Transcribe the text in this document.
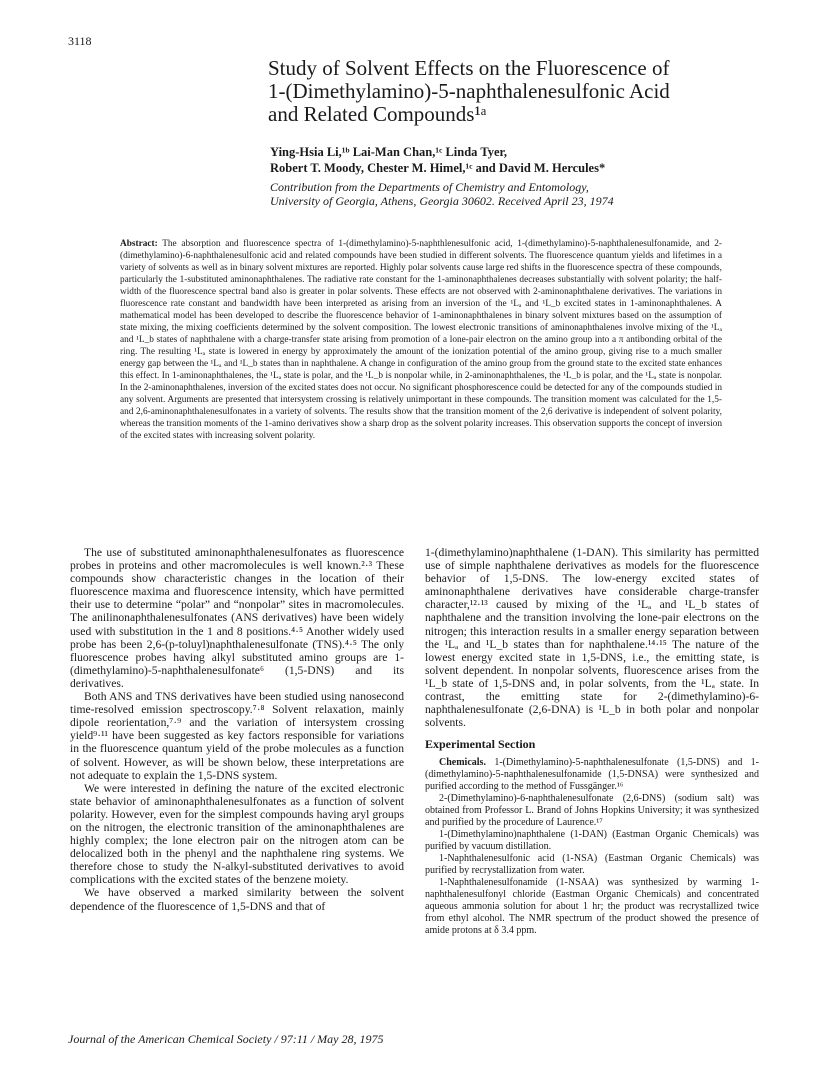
3118
Study of Solvent Effects on the Fluorescence of
1-(Dimethylamino)-5-naphthalenesulfonic Acid
and Related Compounds¹ᵃ
Ying-Hsia Li,¹ᵇ Lai-Man Chan,¹ᶜ Linda Tyer,
Robert T. Moody, Chester M. Himel,¹ᶜ and David M. Hercules*
Contribution from the Departments of Chemistry and Entomology,
University of Georgia, Athens, Georgia 30602. Received April 23, 1974
Abstract: The absorption and fluorescence spectra of 1-(dimethylamino)-5-naphthlenesulfonic acid, 1-(dimethylamino)-5-naphthalenesulfonamide, and 2-(dimethylamino)-6-naphthalenesulfonic acid and related compounds have been studied in different solvents. The fluorescence quantum yields and lifetimes in a variety of solvents as well as in binary solvent mixtures are reported. Highly polar solvents cause large red shifts in the fluorescence spectra of these compounds, particularly the 1-substituted aminonaphthalenes. The radiative rate constant for the 1-aminonaphthalenes decreases substantially with solvent polarity; the half-width of the fluorescence spectral band also is greater in polar solvents. These effects are not observed with 2-aminonaphthalene derivatives. The variations in fluorescence rate constant and bandwidth have been interpreted as arising from an inversion of the ¹Lₐ and ¹L_b excited states in 1-aminonaphthalenes. A mathematical model has been developed to describe the fluorescence behavior of 1-aminonaphthalenes in binary solvent mixtures based on the assumption of state mixing, the mixing coefficients determined by the solvent composition. The lowest electronic transitions of aminonaphthalenes involve mixing of the ¹Lₐ and ¹L_b states of naphthalene with a charge-transfer state arising from promotion of a lone-pair electron on the amino group into a π antibonding orbital of the ring. The resulting ¹Lₐ state is lowered in energy by approximately the amount of the ionization potential of the amino group, giving rise to a much smaller energy gap between the ¹Lₐ and ¹L_b states than in naphthalene. A change in configuration of the amino group from the ground state to the excited state enhances this effect. In 1-aminonaphthalenes, the ¹Lₐ state is polar, and the ¹L_b is nonpolar while, in 2-aminonaphthalenes, the ¹L_b is polar, and the ¹Lₐ state is nonpolar. In the 2-aminonaphthalenes, inversion of the excited states does not occur. No significant phosphorescence could be detected for any of the compounds studied in any solvent. Arguments are presented that intersystem crossing is relatively unimportant in these compounds. The transition moment was calculated for the 1,5- and 2,6-aminonaphthalenesulfonates in a variety of solvents. The results show that the transition moment of the 2,6 derivative is independent of solvent polarity, whereas the transition moments of the 1-amino derivatives show a sharp drop as the solvent polarity increases. This observation supports the concept of inversion of the excited states with increasing solvent polarity.

The use of substituted aminonaphthalenesulfonates as fluorescence probes in proteins and other macromolecules is well known.²·³ These compounds show characteristic changes in the location of their fluorescence maxima and fluorescence intensity, which have permitted their use to determine “polar” and “nonpolar” sites in macromolecules. The anilinonaphthalenesulfonates (ANS derivatives) have been widely used with substitution in the 1 and 8 positions.⁴·⁵ Another widely used probe has been 2,6-(p-toluyl)naphthalenesulfonate (TNS).⁴·⁵ The only fluorescence probes having alkyl substituted amino groups are 1-(dimethylamino)-5-naphthalenesulfonate⁶ (1,5-DNS) and its derivatives.

Both ANS and TNS derivatives have been studied using nanosecond time-resolved emission spectroscopy.⁷·⁸ Solvent relaxation, mainly dipole reorientation,⁷·⁹ and the variation of intersystem crossing yield⁹·¹¹ have been suggested as key factors responsible for variations in the fluorescence quantum yield of the probe molecules as a function of solvent. However, as will be shown below, these interpretations are not adequate to explain the 1,5-DNS system.

We were interested in defining the nature of the excited electronic state behavior of aminonaphthalenesulfonates as a function of solvent polarity. However, even for the simplest compounds having aryl groups on the nitrogen, the electronic transition of the aminonaphthalenes are highly complex; the lone electron pair on the nitrogen atom can be delocalized both in the phenyl and the naphthalene ring systems. We therefore chose to study the N-alkyl-substituted derivatives to avoid complications with the excited states of the benzene moiety.

We have observed a marked similarity between the solvent dependence of the fluorescence of 1,5-DNS and that of

1-(dimethylamino)naphthalene (1-DAN). This similarity has permitted use of simple naphthalene derivatives as models for the fluorescence behavior of 1,5-DNS. The low-energy excited states of aminonaphthalene derivatives have considerable charge-transfer character,¹²·¹³ caused by mixing of the ¹Lₐ and ¹L_b states of naphthalene and the transition involving the lone-pair electrons on the nitrogen; this interaction results in a smaller energy separation between the ¹Lₐ and ¹L_b states than for naphthalene.¹⁴·¹⁵ The nature of the lowest energy excited state in 1,5-DNS, i.e., the emitting state, is solvent dependent. In nonpolar solvents, fluorescence arises from the ¹L_b state of 1,5-DNS and, in polar solvents, from the ¹Lₐ state. In contrast, the emitting state for 2-(dimethylamino)-6-naphthalenesulfonate (2,6-DNA) is ¹L_b in both polar and nonpolar solvents.

Experimental Section

Chemicals. 1-(Dimethylamino)-5-naphthalenesulfonate (1,5-DNS) and 1-(dimethylamino)-5-naphthalenesulfonamide (1,5-DNSA) were synthesized and purified according to the method of Fussgänger.¹⁶

2-(Dimethylamino)-6-naphthalenesulfonate (2,6-DNS) (sodium salt) was obtained from Professor L. Brand of Johns Hopkins University; it was synthesized and purified by the procedure of Laurence.¹⁷

1-(Dimethylamino)naphthalene (1-DAN) (Eastman Organic Chemicals) was purified by vacuum distillation.

1-Naphthalenesulfonic acid (1-NSA) (Eastman Organic Chemicals) was purified by recrystallization from water.

1-Naphthalenesulfonamide (1-NSAA) was synthesized by warming 1-naphthalenesulfonyl chloride (Eastman Organic Chemicals) and concentrated aqueous ammonia solution for about 1 hr; the product was recrystallized twice from ethyl alcohol. The NMR spectrum of the product showed the presence of amide protons at δ 3.4 ppm.

Journal of the American Chemical Society / 97:11 / May 28, 1975
